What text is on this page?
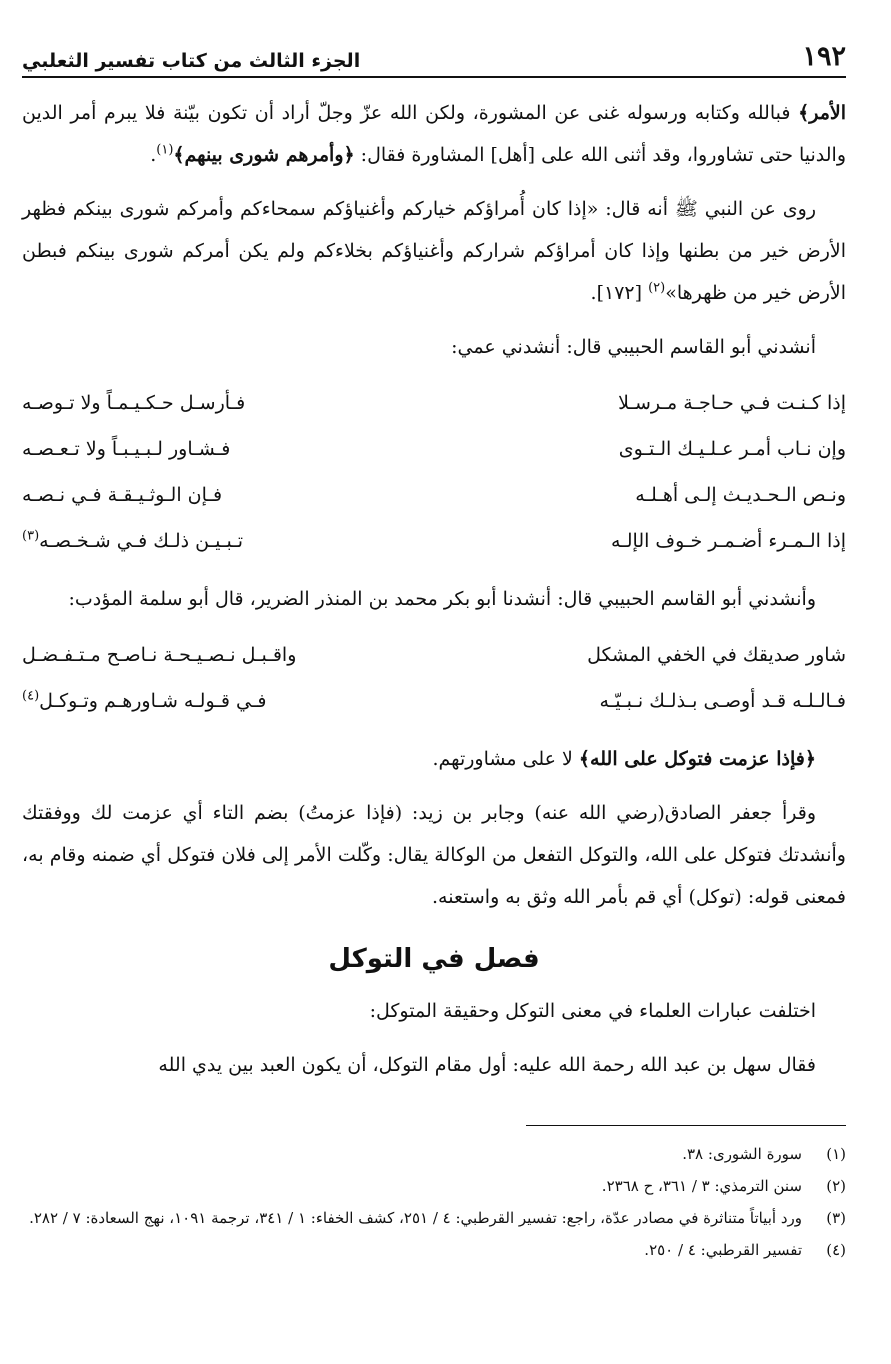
١٩٢
الجزء الثالث من كتاب تفسير الثعلبي

الأمر﴾ فبالله وكتابه ورسوله غنى عن المشورة، ولكن الله عزّ وجلّ أراد أن تكون بيّنة فلا يبرم أمر الدين والدنيا حتى تشاوروا، وقد أثنى الله على [أهل] المشاورة فقال: ﴿وأمرهم شورى بينهم﴾$^{(١)}$.

روى عن النبي ﷺ أنه قال: «إذا كان أُمراؤكم خياركم وأغنياؤكم سمحاءكم وأمركم شورى بينكم فظهر الأرض خير من بطنها وإذا كان أمراؤكم شراركم وأغنياؤكم بخلاءكم ولم يكن أمركم شورى بينكم فبطن الأرض خير من ظهرها»$^{(٢)}$ [١٧٢].

أنشدني أبو القاسم الحبيبي قال: أنشدني عمي:

إذا كـنـت فـي حـاجـة مـرسـلا
فـأرسـل حـكـيـمـاً ولا تـوصـه
وإن نـاب أمـر عـلـيـك الـتـوى
فـشـاور لـبـيـبـاً ولا تـعـصـه
ونـص الـحـديـث إلـى أهـلـه
فـإن الـوثـيـقـة فـي نـصـه
إذا الـمـرء أضـمـر خـوف الإلـه
تـبـيـن ذلـك فـي شـخـصـه$^{(٣)}$

وأنشدني أبو القاسم الحبيبي قال: أنشدنا أبو بكر محمد بن المنذر الضرير، قال أبو سلمة المؤدب:

شاور صديقك في الخفي المشكل
واقـبـل نـصـيـحـة نـاصـح مـتـفـضـل
فـالـلـه قـد أوصـى بـذلـك نـبـيّـه
فـي قـولـه شـاورهـم وتـوكـل$^{(٤)}$

﴿فإذا عزمت فتوكل على الله﴾ لا على مشاورتهم.

وقرأ جعفر الصادق(رضي الله عنه) وجابر بن زيد: (فإذا عزمتُ) بضم التاء أي عزمت لك ووفقتك وأنشدتك فتوكل على الله، والتوكل التفعل من الوكالة يقال: وكّلت الأمر إلى فلان فتوكل أي ضمنه وقام به، فمعنى قوله: (توكل) أي قم بأمر الله وثق به واستعنه.

فصل في التوكل

اختلفت عبارات العلماء في معنى التوكل وحقيقة المتوكل:

فقال سهل بن عبد الله رحمة الله عليه: أول مقام التوكل، أن يكون العبد بين يدي الله

(١)
سورة الشورى: ٣٨.
(٢)
سنن الترمذي: ٣ / ٣٦١، ح ٢٣٦٨.
(٣)
ورد أبياتاً متناثرة في مصادر عدّة، راجع: تفسير القرطبي: ٤ / ٢٥١، كشف الخفاء: ١ / ٣٤١، ترجمة ١٠٩١، نهج السعادة: ٧ / ٢٨٢.
(٤)
تفسير القرطبي: ٤ / ٢٥٠.
